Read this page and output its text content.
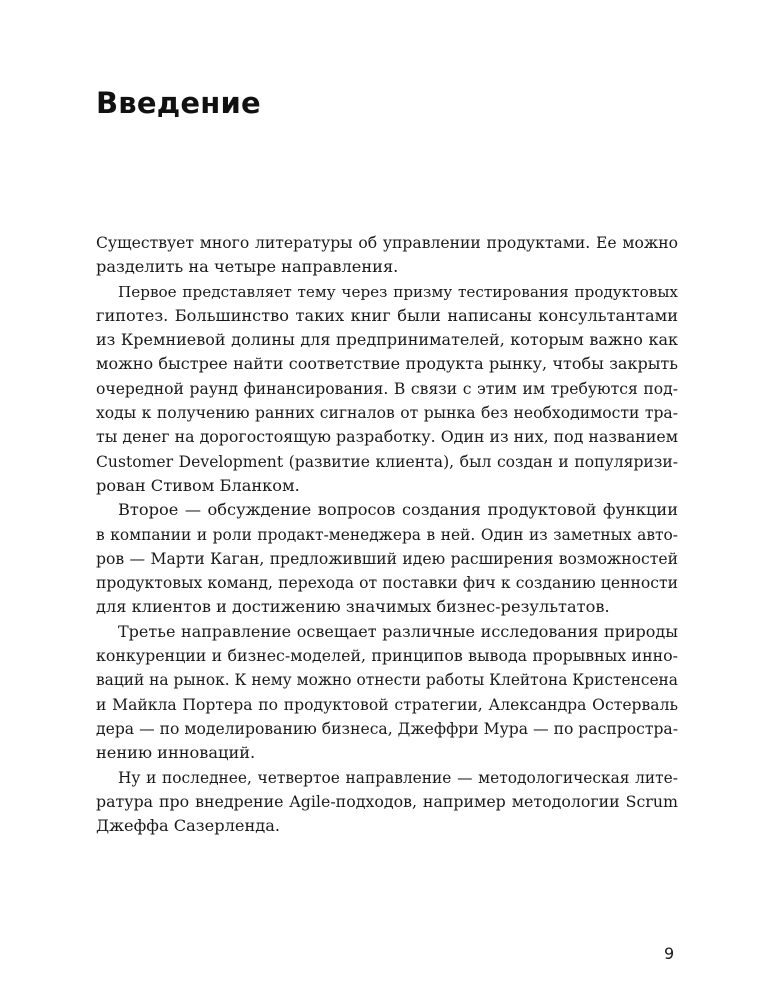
Введение

Существует много литературы об управлении продуктами. Ее можно
разделить на четыре направления.

Первое представляет тему через призму тестирования продуктовых
гипотез. Большинство таких книг были написаны консультантами
из Кремниевой долины для предпринимателей, которым важно как
можно быстрее найти соответствие продукта рынку, чтобы закрыть
очередной раунд финансирования. В связи с этим им требуются под-
ходы к получению ранних сигналов от рынка без необходимости тра-
ты денег на дорогостоящую разработку. Один из них, под названием
Customer Development (развитие клиента), был создан и популяризи-
рован Стивом Бланком.

Второе — обсуждение вопросов создания продуктовой функции
в компании и роли продакт-менеджера в ней. Один из заметных авто-
ров — Марти Каган, предложивший идею расширения возможностей
продуктовых команд, перехода от поставки фич к созданию ценности
для клиентов и достижению значимых бизнес-результатов.

Третье направление освещает различные исследования природы
конкуренции и бизнес-моделей, принципов вывода прорывных инно-
ваций на рынок. К нему можно отнести работы Клейтона Кристенсена
и Майкла Портера по продуктовой стратегии, Александра Остерваль
дера — по моделированию бизнеса, Джеффри Мура — по распростра-
нению инноваций.

Ну и последнее, четвертое направление — методологическая лите-
ратура про внедрение Agile-подходов, например методологии Scrum
Джеффа Сазерленда.

9
